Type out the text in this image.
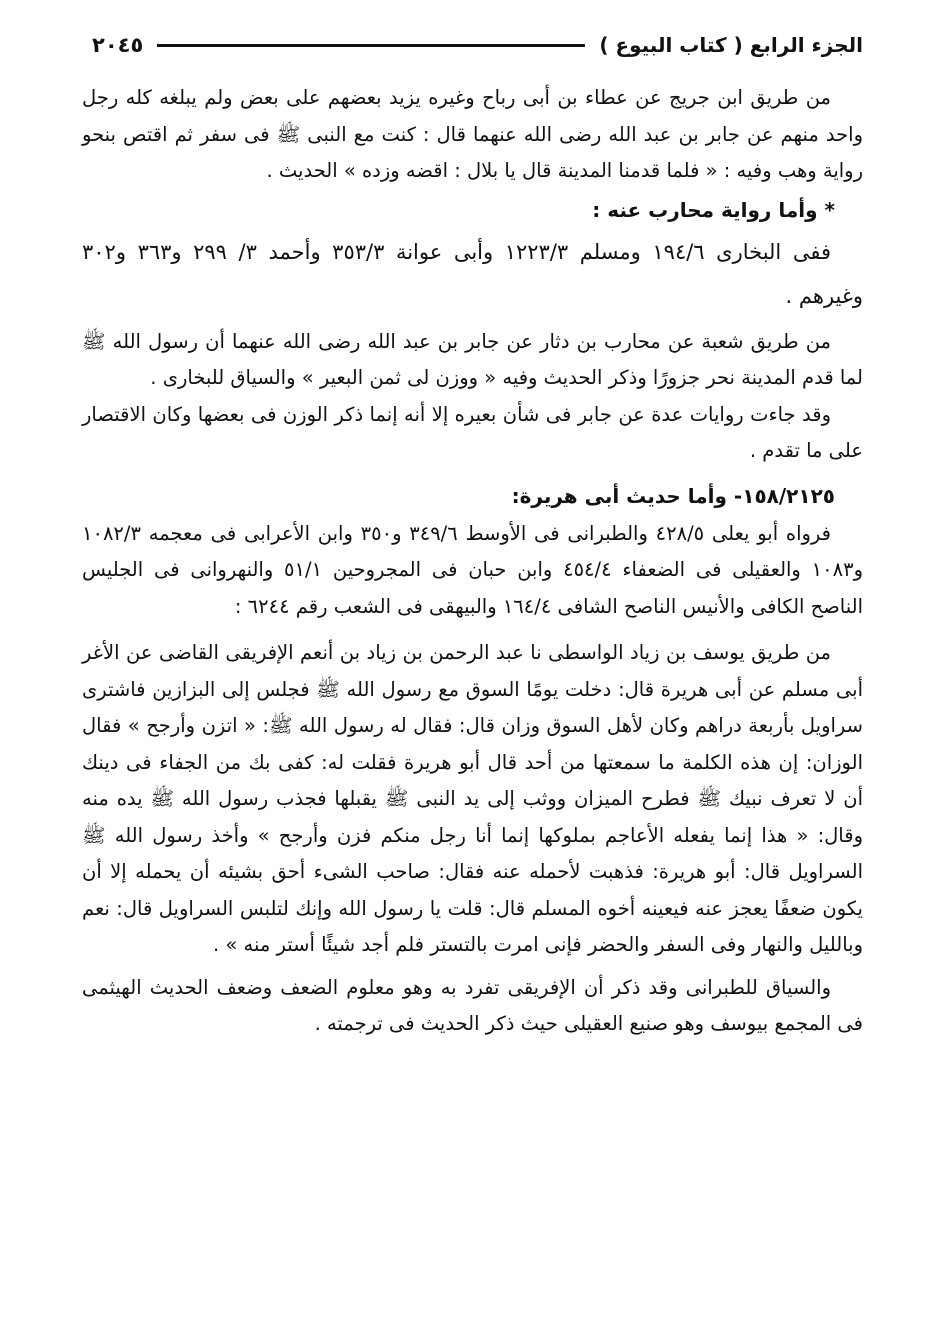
الجزء الرابع ( كتاب البيوع )
٢٠٤٥

من طريق ابن جريج عن عطاء بن أبى رباح وغيره يزيد بعضهم على بعض ولم يبلغه كله رجل واحد منهم عن جابر بن عبد الله رضى الله عنهما قال : كنت مع النبى ﷺ فى سفر ثم اقتص بنحو رواية وهب وفيه : « فلما قدمنا المدينة قال يا بلال : اقضه وزده » الحديث .

* وأما رواية محارب عنه :

ففى البخارى ١٩٤/٦ ومسلم ١٢٢٣/٣ وأبى عوانة ٣٥٣/٣ وأحمد ٣/ ٢٩٩ و٣٦٣ و٣٠٢ وغيرهم .

من طريق شعبة عن محارب بن دثار عن جابر بن عبد الله رضى الله عنهما أن رسول الله ﷺ لما قدم المدينة نحر جزورًا وذكر الحديث وفيه « ووزن لى ثمن البعير » والسياق للبخارى .

وقد جاءت روايات عدة عن جابر فى شأن بعيره إلا أنه إنما ذكر الوزن فى بعضها وكان الاقتصار على ما تقدم .

١٥٨/٢١٢٥- وأما حديث أبى هريرة:

فرواه أبو يعلى ٤٢٨/٥ والطبرانى فى الأوسط ٣٤٩/٦ و٣٥٠ وابن الأعرابى فى معجمه ١٠٨٢/٣ و١٠٨٣ والعقيلى فى الضعفاء ٤٥٤/٤ وابن حبان فى المجروحين ٥١/١ والنهروانى فى الجليس الناصح الكافى والأنيس الناصح الشافى ١٦٤/٤ والبيهقى فى الشعب رقم ٦٢٤٤ :

من طريق يوسف بن زياد الواسطى نا عبد الرحمن بن زياد بن أنعم الإفريقى القاضى عن الأغر أبى مسلم عن أبى هريرة قال: دخلت يومًا السوق مع رسول الله ﷺ فجلس إلى البزازين فاشترى سراويل بأربعة دراهم وكان لأهل السوق وزان قال: فقال له رسول الله ﷺ: « اتزن وأرجح » فقال الوزان: إن هذه الكلمة ما سمعتها من أحد قال أبو هريرة فقلت له: كفى بك من الجفاء فى دينك أن لا تعرف نبيك ﷺ فطرح الميزان ووثب إلى يد النبى ﷺ يقبلها فجذب رسول الله ﷺ يده منه وقال: « هذا إنما يفعله الأعاجم بملوكها إنما أنا رجل منكم فزن وأرجح » وأخذ رسول الله ﷺ السراويل قال: أبو هريرة: فذهبت لأحمله عنه فقال: صاحب الشىء أحق بشيئه أن يحمله إلا أن يكون ضعفًا يعجز عنه فيعينه أخوه المسلم قال: قلت يا رسول الله وإنك لتلبس السراويل قال: نعم وبالليل والنهار وفى السفر والحضر فإنى امرت بالتستر فلم أجد شيئًا أستر منه » .

والسياق للطبرانى وقد ذكر أن الإفريقى تفرد به وهو معلوم الضعف وضعف الحديث الهيثمى فى المجمع بيوسف وهو صنيع العقيلى حيث ذكر الحديث فى ترجمته .
